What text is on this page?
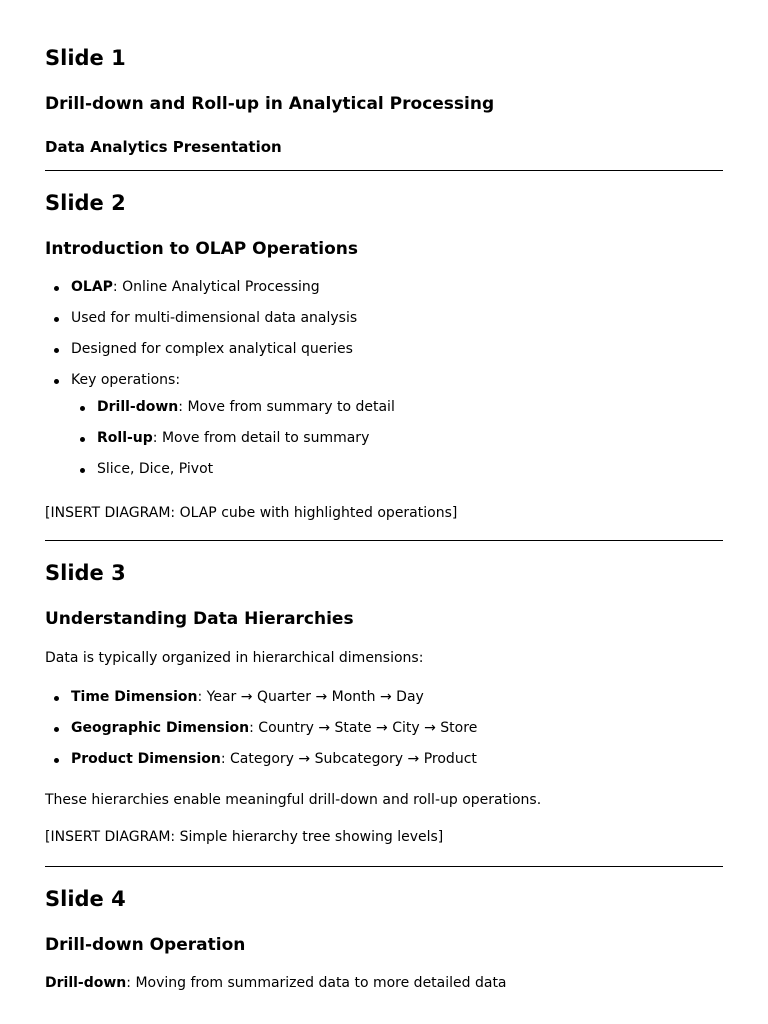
Slide 1
Drill-down and Roll-up in Analytical Processing
Data Analytics Presentation
Slide 2
Introduction to OLAP Operations
OLAP: Online Analytical Processing
Used for multi-dimensional data analysis
Designed for complex analytical queries
Key operations:
Drill-down: Move from summary to detail
Roll-up: Move from detail to summary
Slice, Dice, Pivot

[INSERT DIAGRAM: OLAP cube with highlighted operations]

Slide 3
Understanding Data Hierarchies

Data is typically organized in hierarchical dimensions:

Time Dimension: Year → Quarter → Month → Day
Geographic Dimension: Country → State → City → Store
Product Dimension: Category → Subcategory → Product

These hierarchies enable meaningful drill-down and roll-up operations.

[INSERT DIAGRAM: Simple hierarchy tree showing levels]

Slide 4
Drill-down Operation

Drill-down: Moving from summarized data to more detailed data
